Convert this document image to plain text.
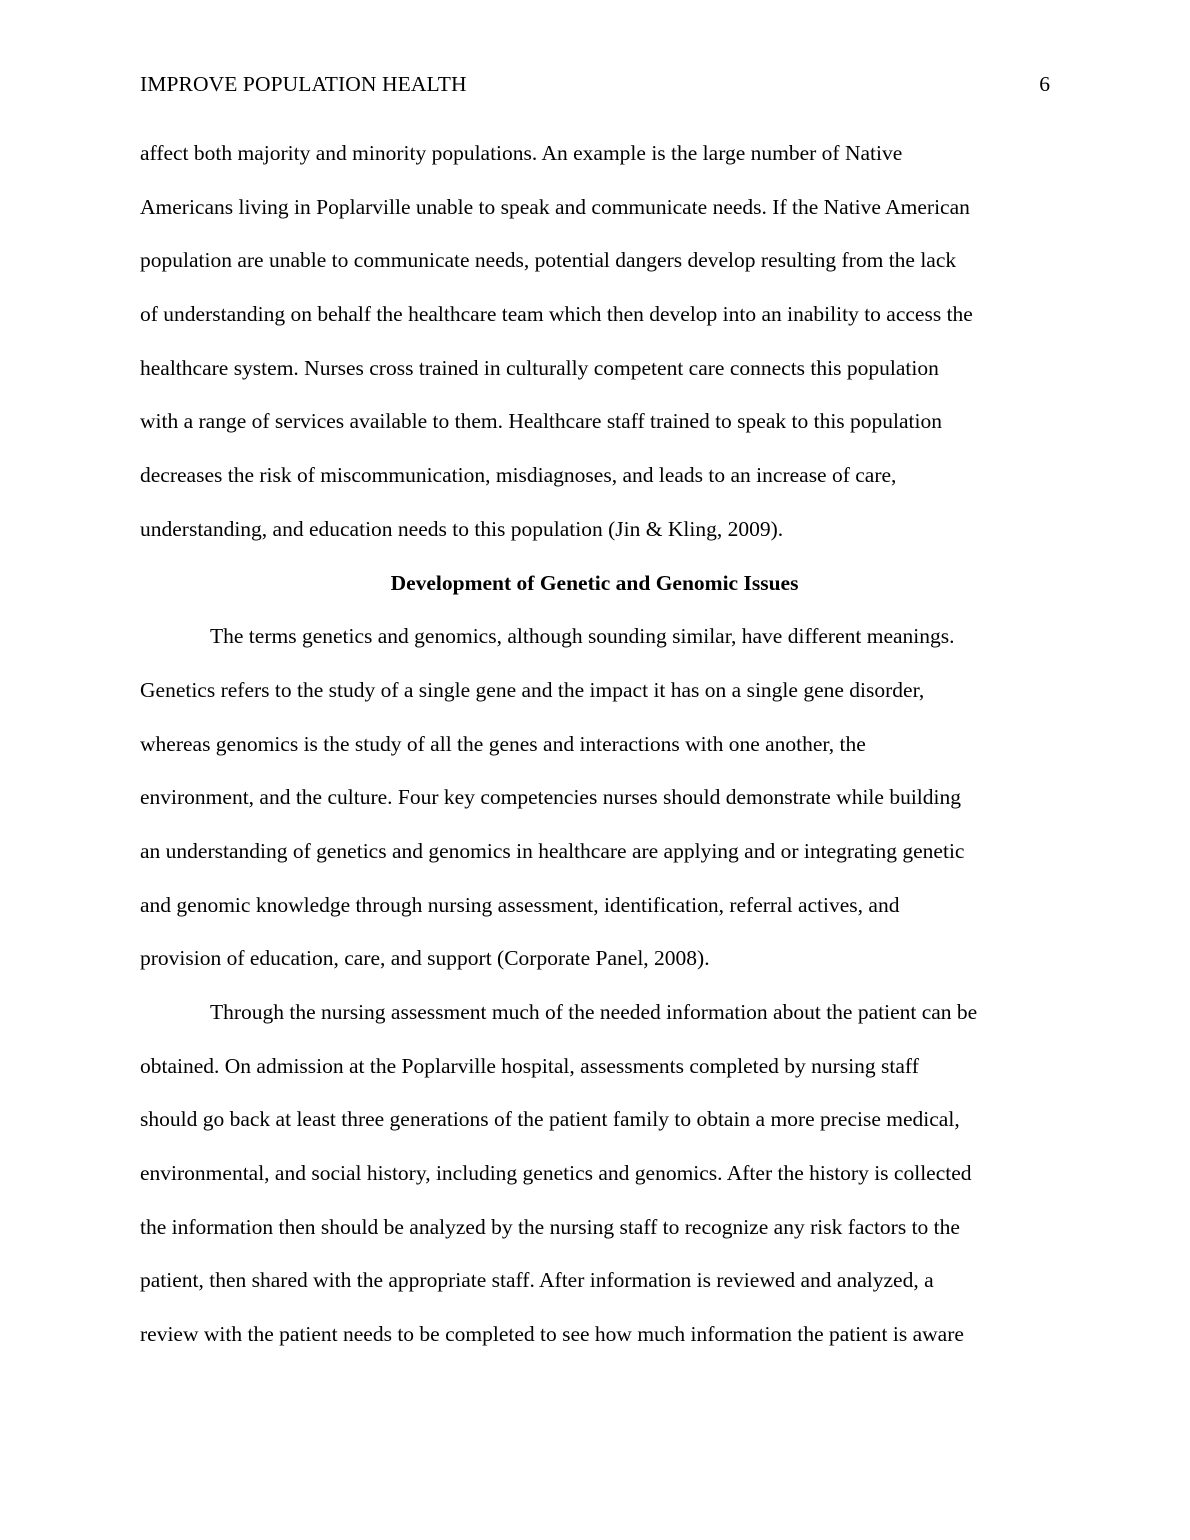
IMPROVE POPULATION HEALTH	6
affect both majority and minority populations. An example is the large number of Native
Americans living in Poplarville unable to speak and communicate needs. If the Native American
population are unable to communicate needs, potential dangers develop resulting from the lack
of understanding on behalf the healthcare team which then develop into an inability to access the
healthcare system. Nurses cross trained in culturally competent care connects this population
with a range of services available to them. Healthcare staff trained to speak to this population
decreases the risk of miscommunication, misdiagnoses, and leads to an increase of care,
understanding, and education needs to this population (Jin & Kling, 2009).
Development of Genetic and Genomic Issues
The terms genetics and genomics, although sounding similar, have different meanings.
Genetics refers to the study of a single gene and the impact it has on a single gene disorder,
whereas genomics is the study of all the genes and interactions with one another, the
environment, and the culture. Four key competencies nurses should demonstrate while building
an understanding of genetics and genomics in healthcare are applying and or integrating genetic
and genomic knowledge through nursing assessment, identification, referral actives, and
provision of education, care, and support (Corporate Panel, 2008).
Through the nursing assessment much of the needed information about the patient can be
obtained. On admission at the Poplarville hospital, assessments completed by nursing staff
should go back at least three generations of the patient family to obtain a more precise medical,
environmental, and social history, including genetics and genomics. After the history is collected
the information then should be analyzed by the nursing staff to recognize any risk factors to the
patient, then shared with the appropriate staff. After information is reviewed and analyzed, a
review with the patient needs to be completed to see how much information the patient is aware
